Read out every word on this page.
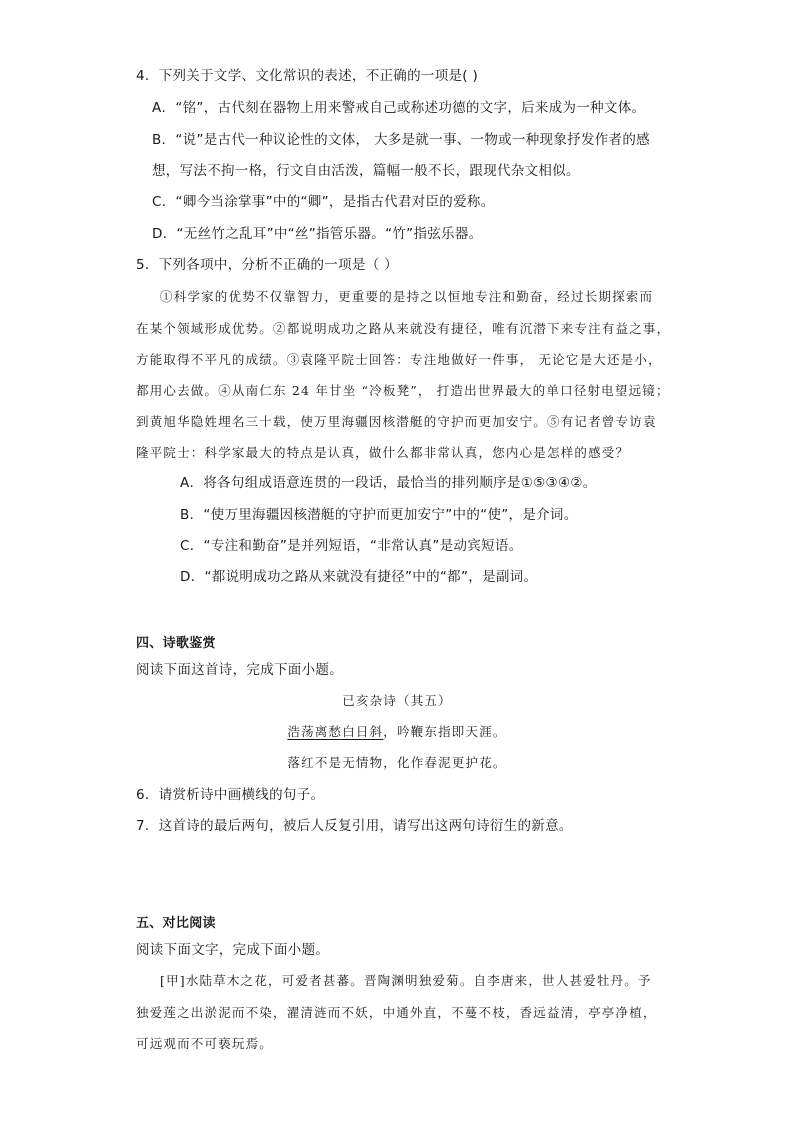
4．下列关于文学、文化常识的表述，不正确的一项是( )
A．“铭”，古代刻在器物上用来警戒自己或称述功德的文字，后来成为一种文体。
B．“说”是古代一种议论性的文体， 大多是就一事、一物或一种现象抒发作者的感
想，写法不拘一格，行文自由活泼，篇幅一般不长，跟现代杂文相似。
C．“卿今当涂掌事”中的“卿”，是指古代君对臣的爱称。
D．“无丝竹之乱耳”中“丝”指管乐器。“竹”指弦乐器。
5．下列各项中，分析不正确的一项是（ ）
①科学家的优势不仅靠智力，更重要的是持之以恒地专注和勤奋，经过长期探索而
在某个领域形成优势。②都说明成功之路从来就没有捷径，唯有沉潜下来专注有益之事，
方能取得不平凡的成绩。③袁隆平院士回答：专注地做好一件事， 无论它是大还是小，
都用心去做。④从南仁东 24 年甘坐 “冷板凳”， 打造出世界最大的单口径射电望远镜；
到黄旭华隐姓埋名三十载，使万里海疆因核潜艇的守护而更加安宁。⑤有记者曾专访袁
隆平院士：科学家最大的特点是认真，做什么都非常认真，您内心是怎样的感受？
A．将各句组成语意连贯的一段话，最恰当的排列顺序是①⑤③④②。
B．“使万里海疆因核潜艇的守护而更加安宁”中的“使”，是介词。
C．“专注和勤奋”是并列短语，“非常认真”是动宾短语。
D．“都说明成功之路从来就没有捷径”中的“都”，是副词。
四、诗歌鉴赏
阅读下面这首诗，完成下面小题。
已亥杂诗（其五）
浩荡离愁白日斜，吟鞭东指即天涯。
落红不是无情物，化作春泥更护花。
6．请赏析诗中画横线的句子。
7．这首诗的最后两句，被后人反复引用，请写出这两句诗衍生的新意。
五、对比阅读
阅读下面文字，完成下面小题。
[甲]水陆草木之花，可爱者甚蕃。晋陶渊明独爱菊。自李唐来，世人甚爱牡丹。予
独爱莲之出淤泥而不染，濯清涟而不妖，中通外直，不蔓不枝，香远益清，亭亭净植，
可远观而不可亵玩焉。
